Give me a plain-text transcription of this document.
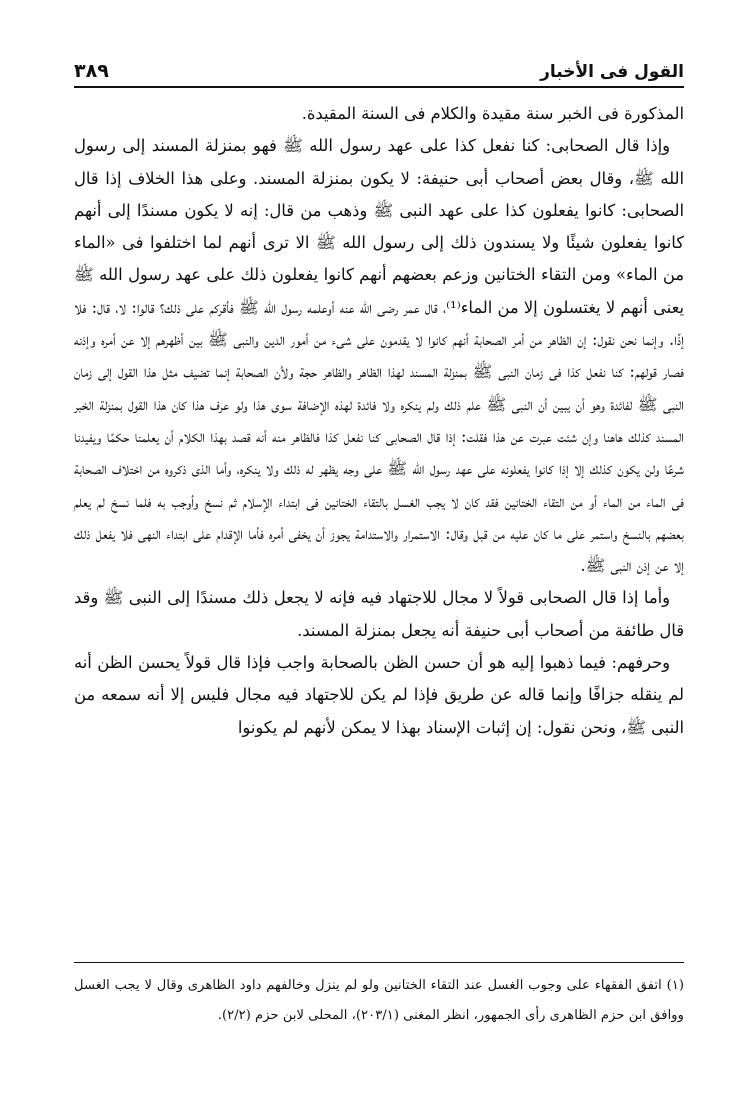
القول فى الأخبار
٣٨٩

المذكورة فى الخبر سنة مقيدة والكلام فى السنة المقيدة.

وإذا قال الصحابى: كنا نفعل كذا على عهد رسول الله ﷺ فهو بمنزلة المسند إلى رسول الله ﷺ، وقال بعض أصحاب أبى حنيفة: لا يكون بمنزلة المسند. وعلى هذا الخلاف إذا قال الصحابى: كانوا يفعلون كذا على عهد النبى ﷺ وذهب من قال: إنه لا يكون مسندًا إلى أنهم كانوا يفعلون شيئًا ولا يسندون ذلك إلى رسول الله ﷺ الا ترى أنهم لما اختلفوا فى «الماء من الماء» ومن التقاء الختانين وزعم بعضهم أنهم كانوا يفعلون ذلك على عهد رسول الله ﷺ يعنى أنهم لا يغتسلون إلا من الماء⁽¹⁾، قال عمر رضى الله عنه أوعلمه رسول الله ﷺ فأقركم على ذلك؟ قالوا: لا، قال: فلا إذًا. وإنما نحن نقول: إن الظاهر من أمر الصحابة أنهم كانوا لا يقدمون على شىء من أمور الدين والنبى ﷺ بين أظهرهم إلا عن أمره وإذنه فصار قولهم: كنا نفعل كذا فى زمان النبى ﷺ بمنزلة المسند لهذا الظاهر والظاهر حجة ولأن الصحابة إنما تضيف مثل هذا القول إلى زمان النبى ﷺ لفائدة وهو أن يبين أن النبى ﷺ علم ذلك ولم ينكره ولا فائدة لهذه الإضافة سوى هذا ولو عرف هذا كان هذا القول بمنزلة الخبر المسند كذلك هاهنا وإن شئت عبرت عن هذا فقلت: إذا قال الصحابى كنا نفعل كذا فالظاهر منه أنه قصد بهذا الكلام أن يعلمنا حكمًا ويفيدنا شرعًا ولن يكون كذلك إلا إذا كانوا يفعلونه على عهد رسول الله ﷺ على وجه يظهر له ذلك ولا ينكره، وأما الذى ذكروه من اختلاف الصحابة فى الماء من الماء أو من التقاء الختانين فقد كان لا يجب الغسل بالتقاء الختانين فى ابتداء الإسلام ثم نسخ وأوجب به فلما نسخ لم يعلم بعضهم بالنسخ واستمر على ما كان عليه من قبل وقال: الاستمرار والاستدامة يجوز أن يخفى أمره فأما الإقدام على ابتداء النهى فلا يفعل ذلك إلا عن إذن النبى ﷺ.

وأما إذا قال الصحابى قولاً لا مجال للاجتهاد فيه فإنه لا يجعل ذلك مسندًا إلى النبى ﷺ وقد قال طائفة من أصحاب أبى حنيفة أنه يجعل بمنزلة المسند.

وحرفهم: فيما ذهبوا إليه هو أن حسن الظن بالصحابة واجب فإذا قال قولاً يحسن الظن أنه لم ينقله جزافًا وإنما قاله عن طريق فإذا لم يكن للاجتهاد فيه مجال فليس إلا أنه سمعه من النبى ﷺ، ونحن نقول: إن إثبات الإسناد بهذا لا يمكن لأنهم لم يكونوا

(١) اتفق الفقهاء على وجوب الغسل عند التقاء الختانين ولو لم ينزل وخالفهم داود الظاهرى وقال لا يجب الغسل ووافق ابن حزم الظاهرى رأى الجمهور، انظر المغنى (٢٠٣/١)، المحلى لابن حزم (٢/٢).
